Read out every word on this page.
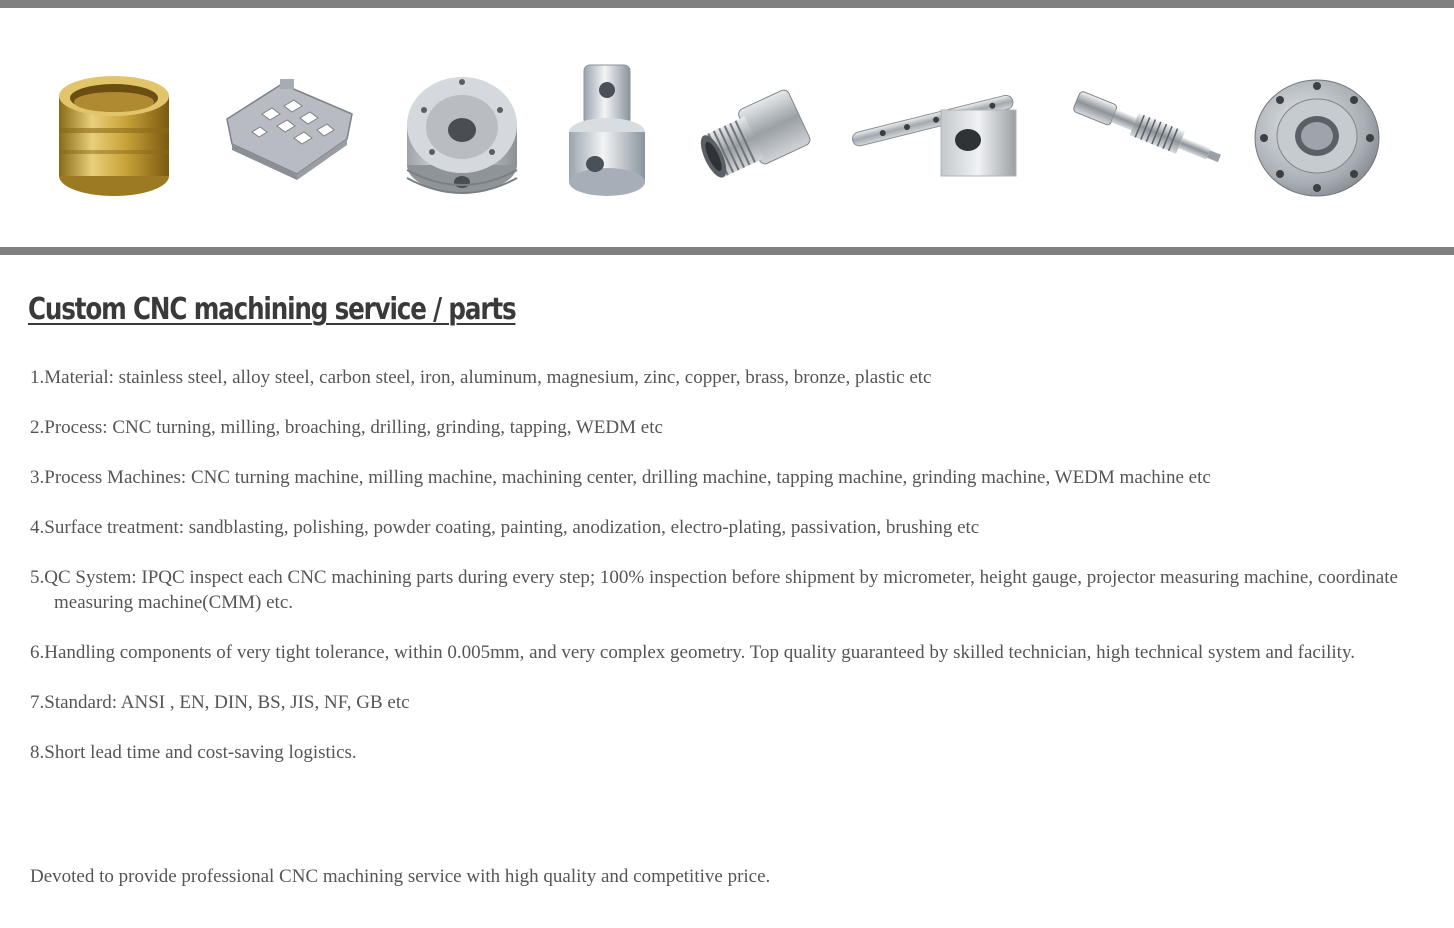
Custom CNC machining service / parts
1.Material: stainless steel, alloy steel, carbon steel, iron, aluminum, magnesium, zinc, copper, brass, bronze, plastic etc
2.Process: CNC turning, milling, broaching, drilling, grinding, tapping, WEDM etc
3.Process Machines: CNC turning machine, milling machine, machining center, drilling machine, tapping machine, grinding machine, WEDM machine etc
4.Surface treatment: sandblasting, polishing, powder coating, painting, anodization, electro-plating, passivation, brushing etc
5.QC System: IPQC inspect each CNC machining parts during every step; 100% inspection before shipment by micrometer, height gauge, projector measuring machine, coordinate measuring machine(CMM) etc.
6.Handling components of very tight tolerance, within 0.005mm, and very complex geometry. Top quality guaranteed by skilled technician, high technical system and facility.
7.Standard: ANSI , EN, DIN, BS, JIS, NF, GB etc
8.Short lead time and cost-saving logistics.
Devoted to provide professional CNC machining service with high quality and competitive price.
